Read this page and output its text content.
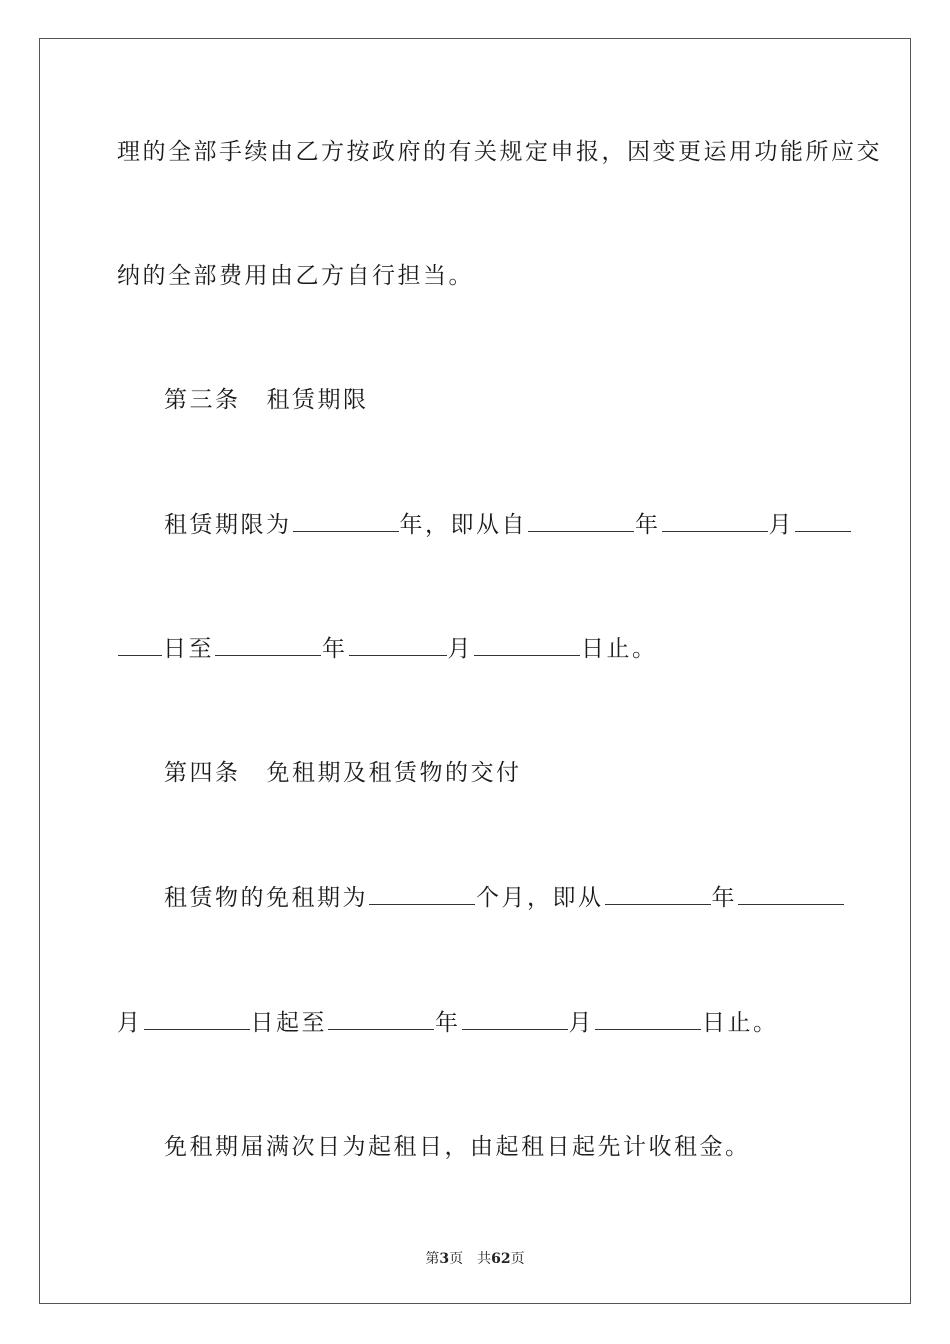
理的全部手续由乙方按政府的有关规定申报，因变更运用功能所应交
纳的全部费用由乙方自行担当。
第三条 租赁期限
租赁期限为	年，即从自	年	月
日至	年	月	日止。
第四条 免租期及租赁物的交付
租赁物的免租期为	个月，即从	年
月	日起至	年	月	日止。
免租期届满次日为起租日，由起租日起先计收租金。
第3页　共62页
